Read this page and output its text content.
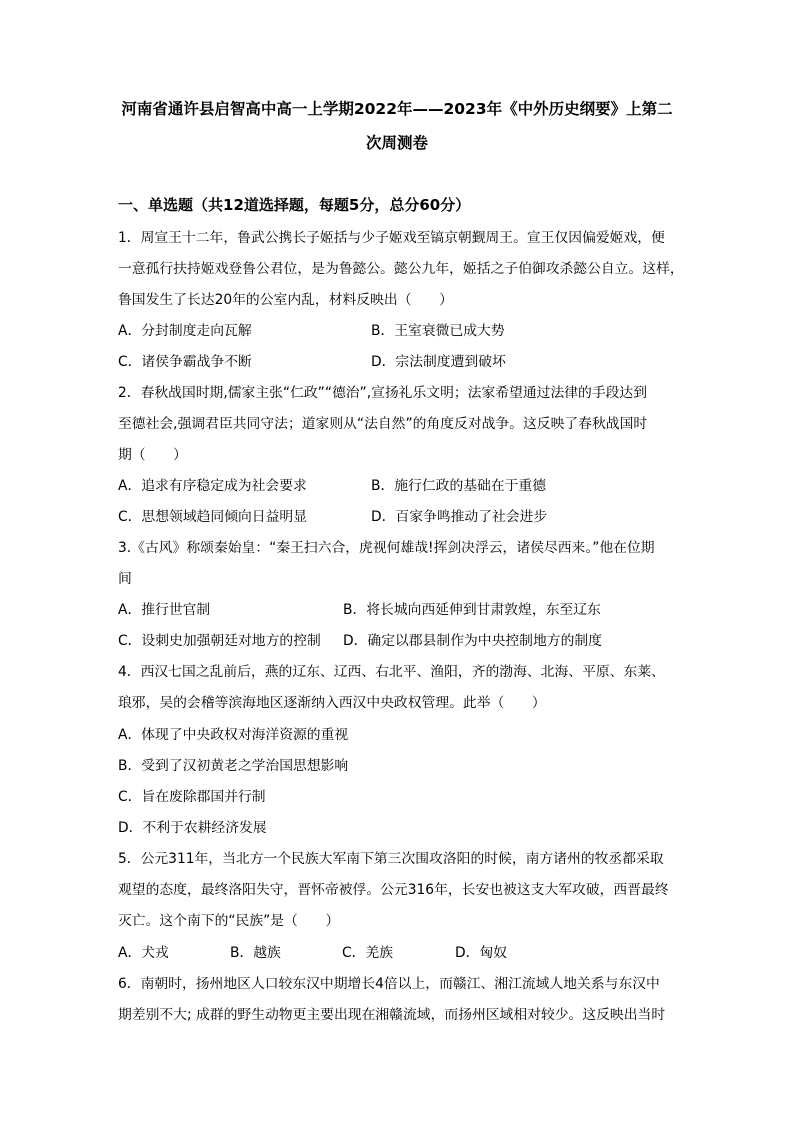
河南省通许县启智高中高一上学期2022年——2023年《中外历史纲要》上第二
次周测卷
一、单选题（共12道选择题，每题5分，总分60分）
1．周宣王十二年，鲁武公携长子姬括与少子姬戏至镐京朝觐周王。宣王仅因偏爱姬戏，便
一意孤行扶持姬戏登鲁公君位，是为鲁懿公。懿公九年，姬括之子伯御攻杀懿公自立。这样，
鲁国发生了长达20年的公室内乱，材料反映出（　　）
A．分封制度走向瓦解	B．王室衰微已成大势
C．诸侯争霸战争不断	D．宗法制度遭到破坏
2．春秋战国时期,儒家主张“仁政”“德治”,宣扬礼乐文明；法家希望通过法律的手段达到
至德社会,强调君臣共同守法；道家则从“法自然”的角度反对战争。这反映了春秋战国时
期（　　）
A．追求有序稳定成为社会要求	B．施行仁政的基础在于重德
C．思想领域趋同倾向日益明显	D．百家争鸣推动了社会进步
3.《古风》称颂秦始皇：“秦王扫六合，虎视何雄哉!挥剑决浮云，诸侯尽西来。”他在位期
间
A．推行世官制	B．将长城向西延伸到甘肃敦煌，东至辽东
C．设刺史加强朝廷对地方的控制 D．确定以郡县制作为中央控制地方的制度
4．西汉七国之乱前后，燕的辽东、辽西、右北平、渔阳，齐的渤海、北海、平原、东莱、
琅邪，吴的会稽等滨海地区逐渐纳入西汉中央政权管理。此举（　　）
A．体现了中央政权对海洋资源的重视
B．受到了汉初黄老之学治国思想影响
C．旨在废除郡国并行制
D．不利于农耕经济发展
5．公元311年，当北方一个民族大军南下第三次围攻洛阳的时候，南方诸州的牧丞都采取
观望的态度，最终洛阳失守，晋怀帝被俘。公元316年，长安也被这支大军攻破，西晋最终
灭亡。这个南下的“民族”是（　　）
A．犬戎	B．越族	C．羌族	D．匈奴
6．南朝时，扬州地区人口较东汉中期增长4倍以上，而赣江、湘江流域人地关系与东汉中
期差别不大; 成群的野生动物更主要出现在湘赣流域，而扬州区域相对较少。这反映出当时
